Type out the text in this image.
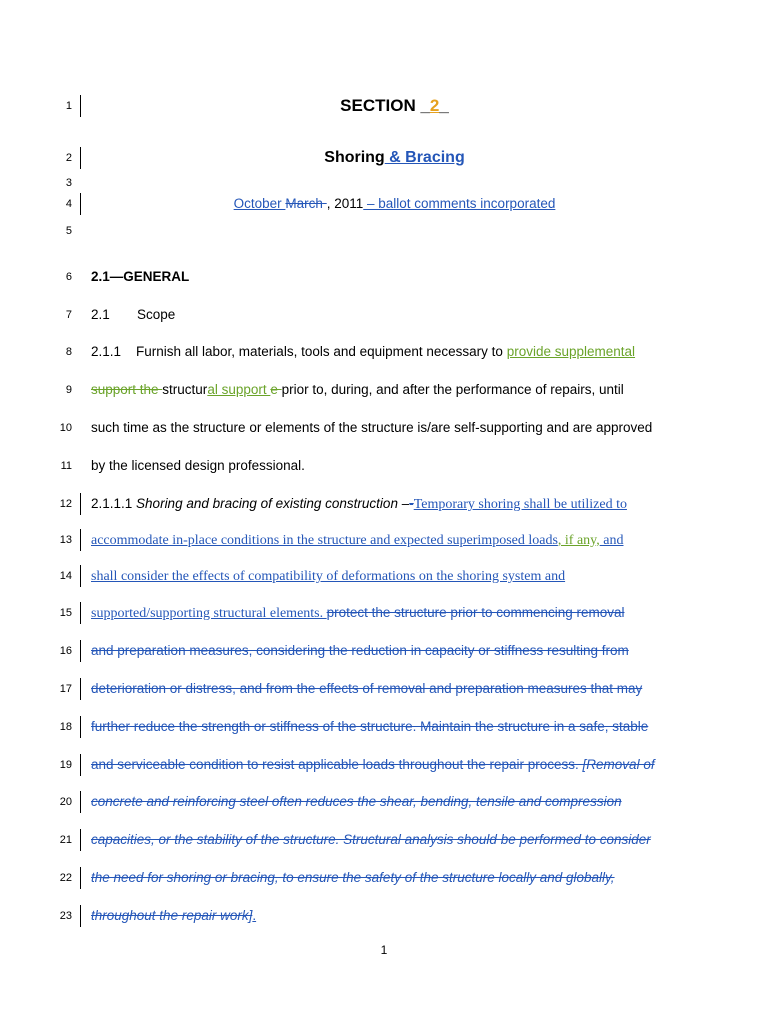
1	SECTION _2_
2	Shoring & Bracing
3
4	October March , 2011 – ballot comments incorporated
5
6 2.1—GENERAL
7 2.1 Scope
8 2.1.1 Furnish all labor, materials, tools and equipment necessary to provide supplemental
9 support the structural support e prior to, during, and after the performance of repairs, until
10 such time as the structure or elements of the structure is/are self-supporting and are approved
11 by the licensed design professional.
12 2.1.1.1 Shoring and bracing of existing construction –-Temporary shoring shall be utilized to
13 accommodate in-place conditions in the structure and expected superimposed loads, if any, and
14 shall consider the effects of compatibility of deformations on the shoring system and
15 supported/supporting structural elements. protect the structure prior to commencing removal
16 and preparation measures, considering the reduction in capacity or stiffness resulting from
17 deterioration or distress, and from the effects of removal and preparation measures that may
18 further reduce the strength or stiffness of the structure. Maintain the structure in a safe, stable
19 and serviceable condition to resist applicable loads throughout the repair process. [Removal of
20 concrete and reinforcing steel often reduces the shear, bending, tensile and compression
21 capacities, or the stability of the structure. Structural analysis should be performed to consider
22 the need for shoring or bracing, to ensure the safety of the structure locally and globally,
23 throughout the repair work].
1
